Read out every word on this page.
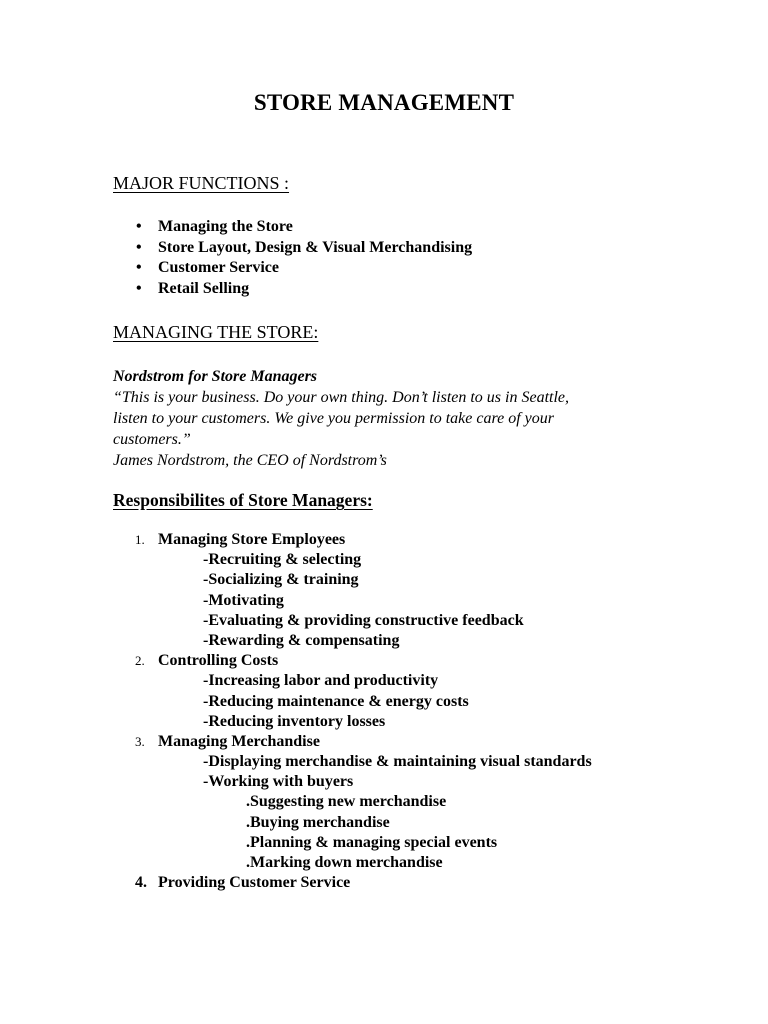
STORE MANAGEMENT
MAJOR FUNCTIONS :
•	Managing the Store
•	Store Layout, Design & Visual Merchandising
•	Customer Service
•	Retail Selling
MANAGING THE STORE:
Nordstrom for Store Managers
“This is your business. Do your own thing. Don’t listen to us in Seattle,
listen to your customers. We give you permission to take care of your
customers.”
James Nordstrom, the CEO of Nordstrom’s
Responsibilites of Store Managers:
1. Managing Store Employees
-Recruiting & selecting
-Socializing & training
-Motivating
-Evaluating & providing constructive feedback
-Rewarding & compensating
2. Controlling Costs
-Increasing labor and productivity
-Reducing maintenance & energy costs
-Reducing inventory losses
3. Managing Merchandise
-Displaying merchandise & maintaining visual standards
-Working with buyers
.Suggesting new merchandise
.Buying merchandise
.Planning & managing special events
.Marking down merchandise
4. Providing Customer Service
